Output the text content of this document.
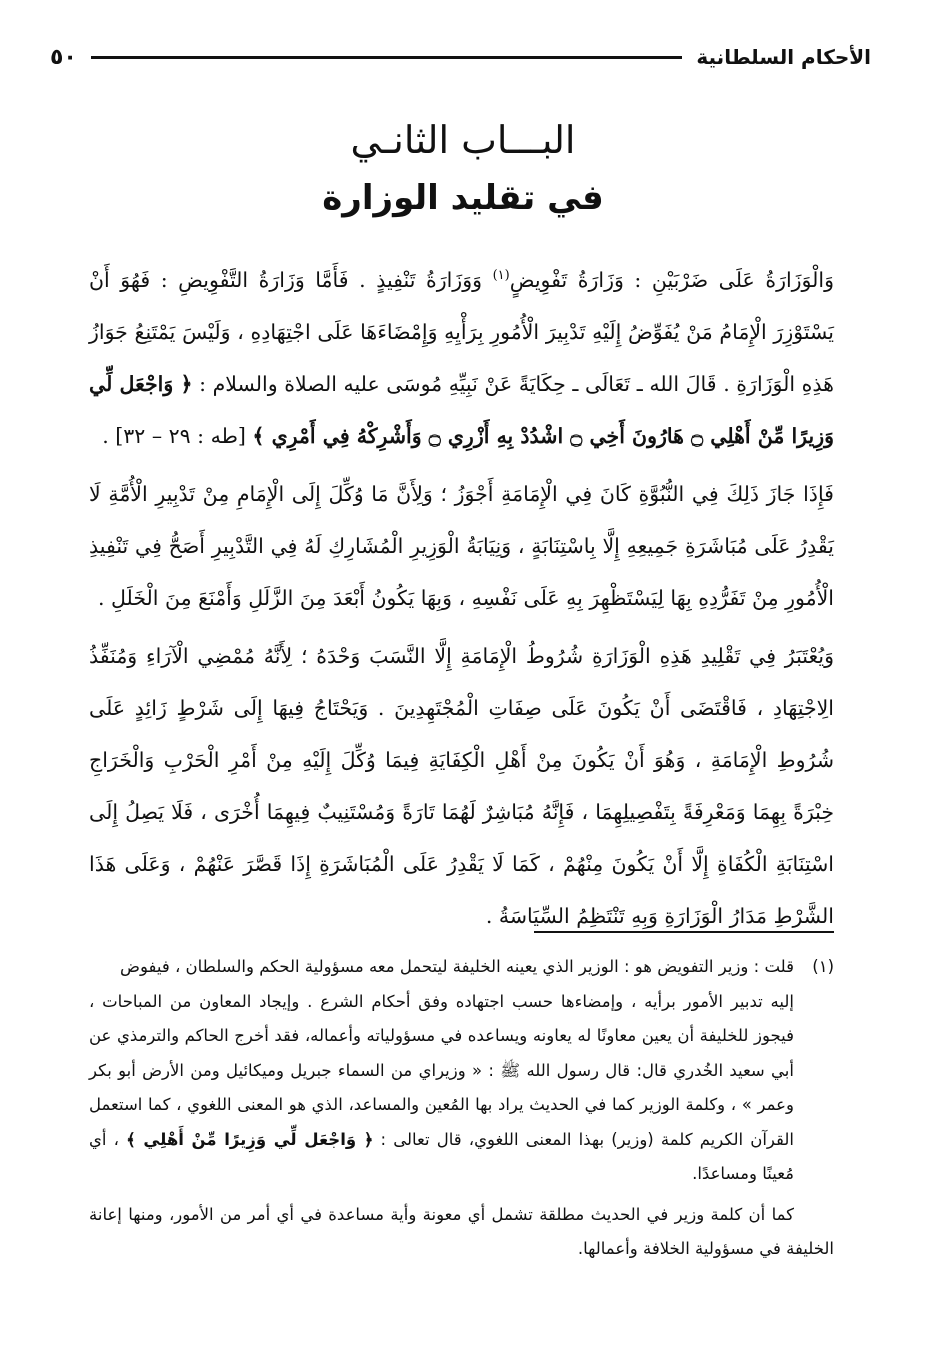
الأحكام السلطانية
٥٠
البـــاب الثانـي
في تقليد الوزارة

وَالْوَزَارَةُ عَلَى ضَرْبَيْنِ : وَزَارَةُ تَفْوِيضٍ$^{(١)}$ وَوَزَارَةُ تَنْفِيذٍ . فَأَمَّا وَزَارَةُ التَّفْوِيضِ : فَهُوَ أَنْ يَسْتَوْزِرَ الْإِمَامُ مَنْ يُفَوِّضُ إِلَيْهِ تَدْبِيرَ الْأُمُورِ بِرَأْيِهِ وَإِمْضَاءَهَا عَلَى اجْتِهَادِهِ ، وَلَيْسَ يَمْتَنِعُ جَوَازُ هَذِهِ الْوَزَارَةِ . قَالَ الله ـ تَعَالَى ـ حِكَايَةً عَنْ نَبِيِّهِ مُوسَى عليه الصلاة والسلام : ﴿ وَاجْعَل لِّي وَزِيرًا مِّنْ أَهْلِي ۝ هَارُونَ أَخِي ۝ اشْدُدْ بِهِ أَزْرِي ۝ وَأَشْرِكْهُ فِي أَمْرِي ﴾ [طه : ٢٩ – ٣٢] .

فَإِذَا جَازَ ذَلِكَ فِي النُّبُوَّةِ كَانَ فِي الْإِمَامَةِ أَجْوَزُ ؛ وَلِأَنَّ مَا وُكِّلَ إِلَى الْإِمَامِ مِنْ تَدْبِيرِ الْأُمَّةِ لَا يَقْدِرُ عَلَى مُبَاشَرَةِ جَمِيعِهِ إِلَّا بِاسْتِنَابَةٍ ، وَنِيَابَةُ الْوَزِيرِ الْمُشَارِكِ لَهُ فِي التَّدْبِيرِ أَصَحُّ فِي تَنْفِيذِ الْأُمُورِ مِنْ تَفَرُّدِهِ بِهَا لِيَسْتَظْهِرَ بِهِ عَلَى نَفْسِهِ ، وَبِهَا يَكُونُ أَبْعَدَ مِنَ الزَّلَلِ وَأَمْنَعَ مِنَ الْخَلَلِ .

وَيُعْتَبَرُ فِي تَقْلِيدِ هَذِهِ الْوَزَارَةِ شُرُوطُ الْإِمَامَةِ إِلَّا النَّسَبَ وَحْدَهُ ؛ لِأَنَّهُ مُمْضِي الْآرَاءِ وَمُنَفِّذُ الِاجْتِهَادِ ، فَاقْتَضَى أَنْ يَكُونَ عَلَى صِفَاتِ الْمُجْتَهِدِينَ . وَيَحْتَاجُ فِيهَا إِلَى شَرْطٍ زَائِدٍ عَلَى شُرُوطِ الْإِمَامَةِ ، وَهُوَ أَنْ يَكُونَ مِنْ أَهْلِ الْكِفَايَةِ فِيمَا وُكِّلَ إِلَيْهِ مِنْ أَمْرِ الْحَرْبِ وَالْخَرَاجِ خِبْرَةً بِهِمَا وَمَعْرِفَةً بِتَفْصِيلِهِمَا ، فَإِنَّهُ مُبَاشِرٌ لَهُمَا تَارَةً وَمُسْتَنِيبٌ فِيهِمَا أُخْرَى ، فَلَا يَصِلُ إِلَى اسْتِنَابَةِ الْكُفَاةِ إِلَّا أَنْ يَكُونَ مِنْهُمْ ، كَمَا لَا يَقْدِرُ عَلَى الْمُبَاشَرَةِ إِذَا قَصَّرَ عَنْهُمْ ، وَعَلَى هَذَا الشَّرْطِ مَدَارُ الْوَزَارَةِ وَبِهِ تَنْتَظِمُ السِّيَاسَةُ .

(١)قلت : وزير التفويض هو : الوزير الذي يعينه الخليفة ليتحمل معه مسؤولية الحكم والسلطان ، فيفوض

إليه تدبير الأمور برأيه ، وإمضاءها حسب اجتهاده وفق أحكام الشرع . وإيجاد المعاون من المباحات ، فيجوز للخليفة أن يعين معاونًا له يعاونه ويساعده في مسؤولياته وأعماله، فقد أخرج الحاكم والترمذي عن أبي سعيد الخُدري قال: قال رسول الله ﷺ : « وزيراي من السماء جبريل وميكائيل ومن الأرض أبو بكر وعمر » ، وكلمة الوزير كما في الحديث يراد بها المُعين والمساعد، الذي هو المعنى اللغوي ، كما استعمل القرآن الكريم كلمة (وزير) بهذا المعنى اللغوي، قال تعالى : ﴿ وَاجْعَل لِّي وَزِيرًا مِّنْ أَهْلِي ﴾ ، أي مُعينًا ومساعدًا.

كما أن كلمة وزير في الحديث مطلقة تشمل أي معونة وأية مساعدة في أي أمر من الأمور، ومنها إعانة الخليفة في مسؤولية الخلافة وأعمالها.
